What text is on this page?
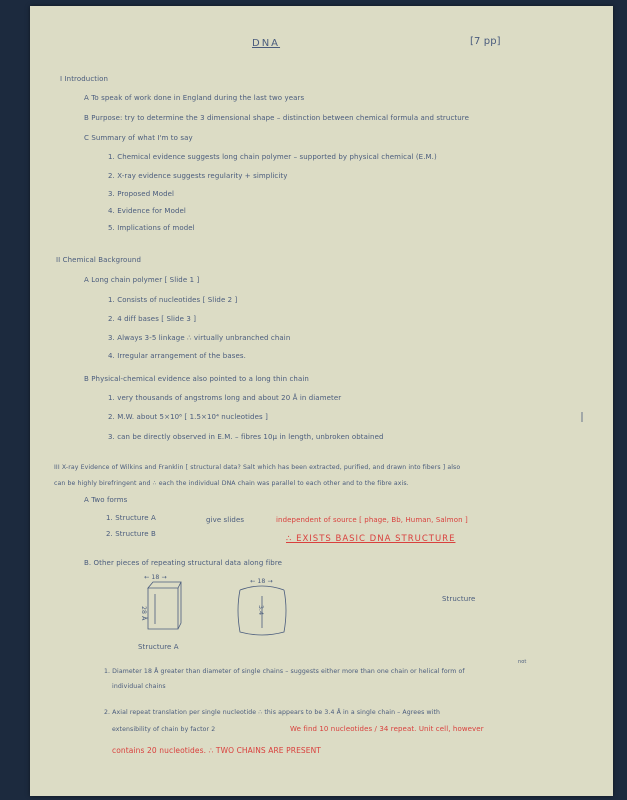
DNA	[7 pp]
I Introduction
A To speak of work done in England during the last two years
B Purpose: try to determine the 3 dimensional shape – distinction between chemical formula and structure
C Summary of what I'm to say
1. Chemical evidence suggests long chain polymer – supported by physical chemical (E.M.)
2. X-ray evidence suggests regularity + simplicity
3. Proposed Model
4. Evidence for Model
5. Implications of model
II Chemical Background
A Long chain polymer [ Slide 1 ]
1. Consists of nucleotides [ Slide 2 ]
2. 4 diff bases [ Slide 3 ]
3. Always 3-5 linkage ∴ virtually unbranched chain
4. Irregular arrangement of the bases.
B Physical-chemical evidence also pointed to a long thin chain
1. very thousands of angstroms long and about 20 Å in diameter
2. M.W. about 5×10⁶ [ 1.5×10⁴ nucleotides ]
3. can be directly observed in E.M. – fibres 10μ in length, unbroken obtained
III X-ray Evidence of Wilkins and Franklin [ structural data? Salt which has been extracted, purified, and drawn into fibers ] also
can be highly birefringent and ∴ each the individual DNA chain was parallel to each other and to the fibre axis.
A Two forms
1. Structure A
2. Structure B
give slides	independent of source [ phage, Bb, Human, Salmon ]
∴ EXISTS BASIC DNA STRUCTURE
B. Other pieces of repeating structural data along fibre
Structure
← 18 →
28 Å
Structure A
← 18 →
3.4
not
1. Diameter 18 Å greater than diameter of single chains – suggests either more than one chain or helical form of
individual chains
2. Axial repeat translation per single nucleotide ∴ this appears to be 3.4 Å in a single chain – Agrees with
extensibility of chain by factor 2	We find 10 nucleotides / 34 repeat. Unit cell, however
contains 20 nucleotides. ∴ TWO CHAINS ARE PRESENT
